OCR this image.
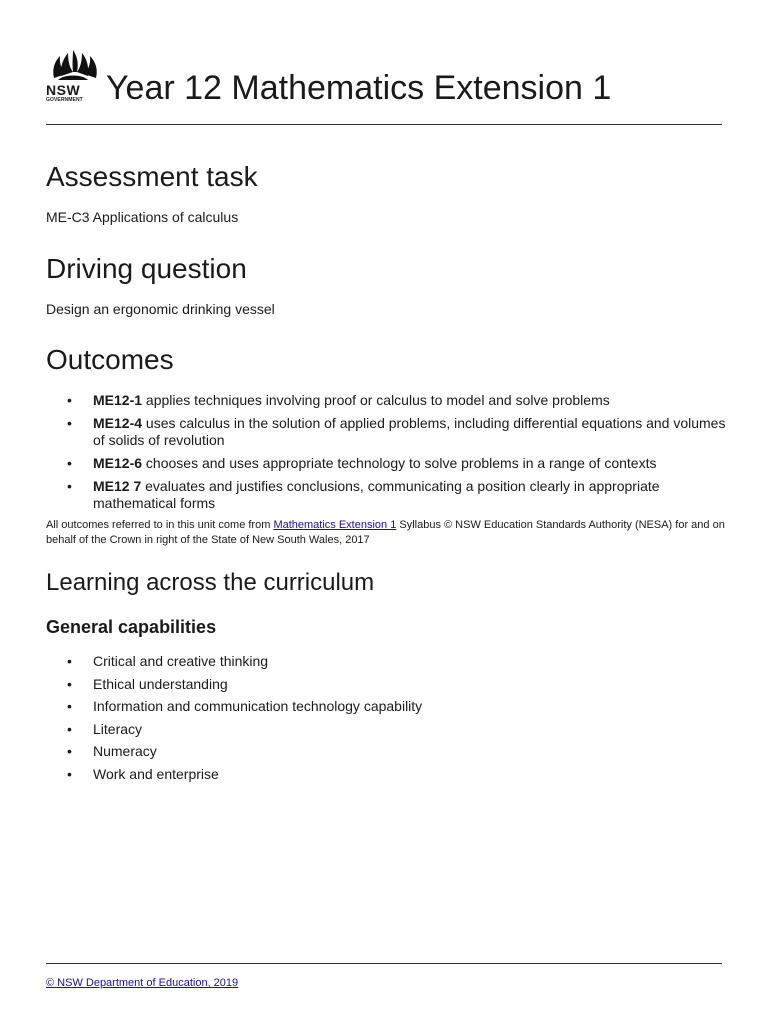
NSW
GOVERNMENT Year 12 Mathematics Extension 1
Assessment task
ME-C3 Applications of calculus
Driving question
Design an ergonomic drinking vessel
Outcomes
• ME12-1 applies techniques involving proof or calculus to model and solve problems
• ME12-4 uses calculus in the solution of applied problems, including differential equations and volumes of solids of revolution
• ME12-6 chooses and uses appropriate technology to solve problems in a range of contexts
• ME12 7 evaluates and justifies conclusions, communicating a position clearly in appropriate mathematical forms
All outcomes referred to in this unit come from Mathematics Extension 1 Syllabus © NSW Education Standards Authority (NESA) for and on behalf of the Crown in right of the State of New South Wales, 2017
Learning across the curriculum
General capabilities
• Critical and creative thinking
• Ethical understanding
• Information and communication technology capability
• Literacy
• Numeracy
• Work and enterprise
© NSW Department of Education, 2019
